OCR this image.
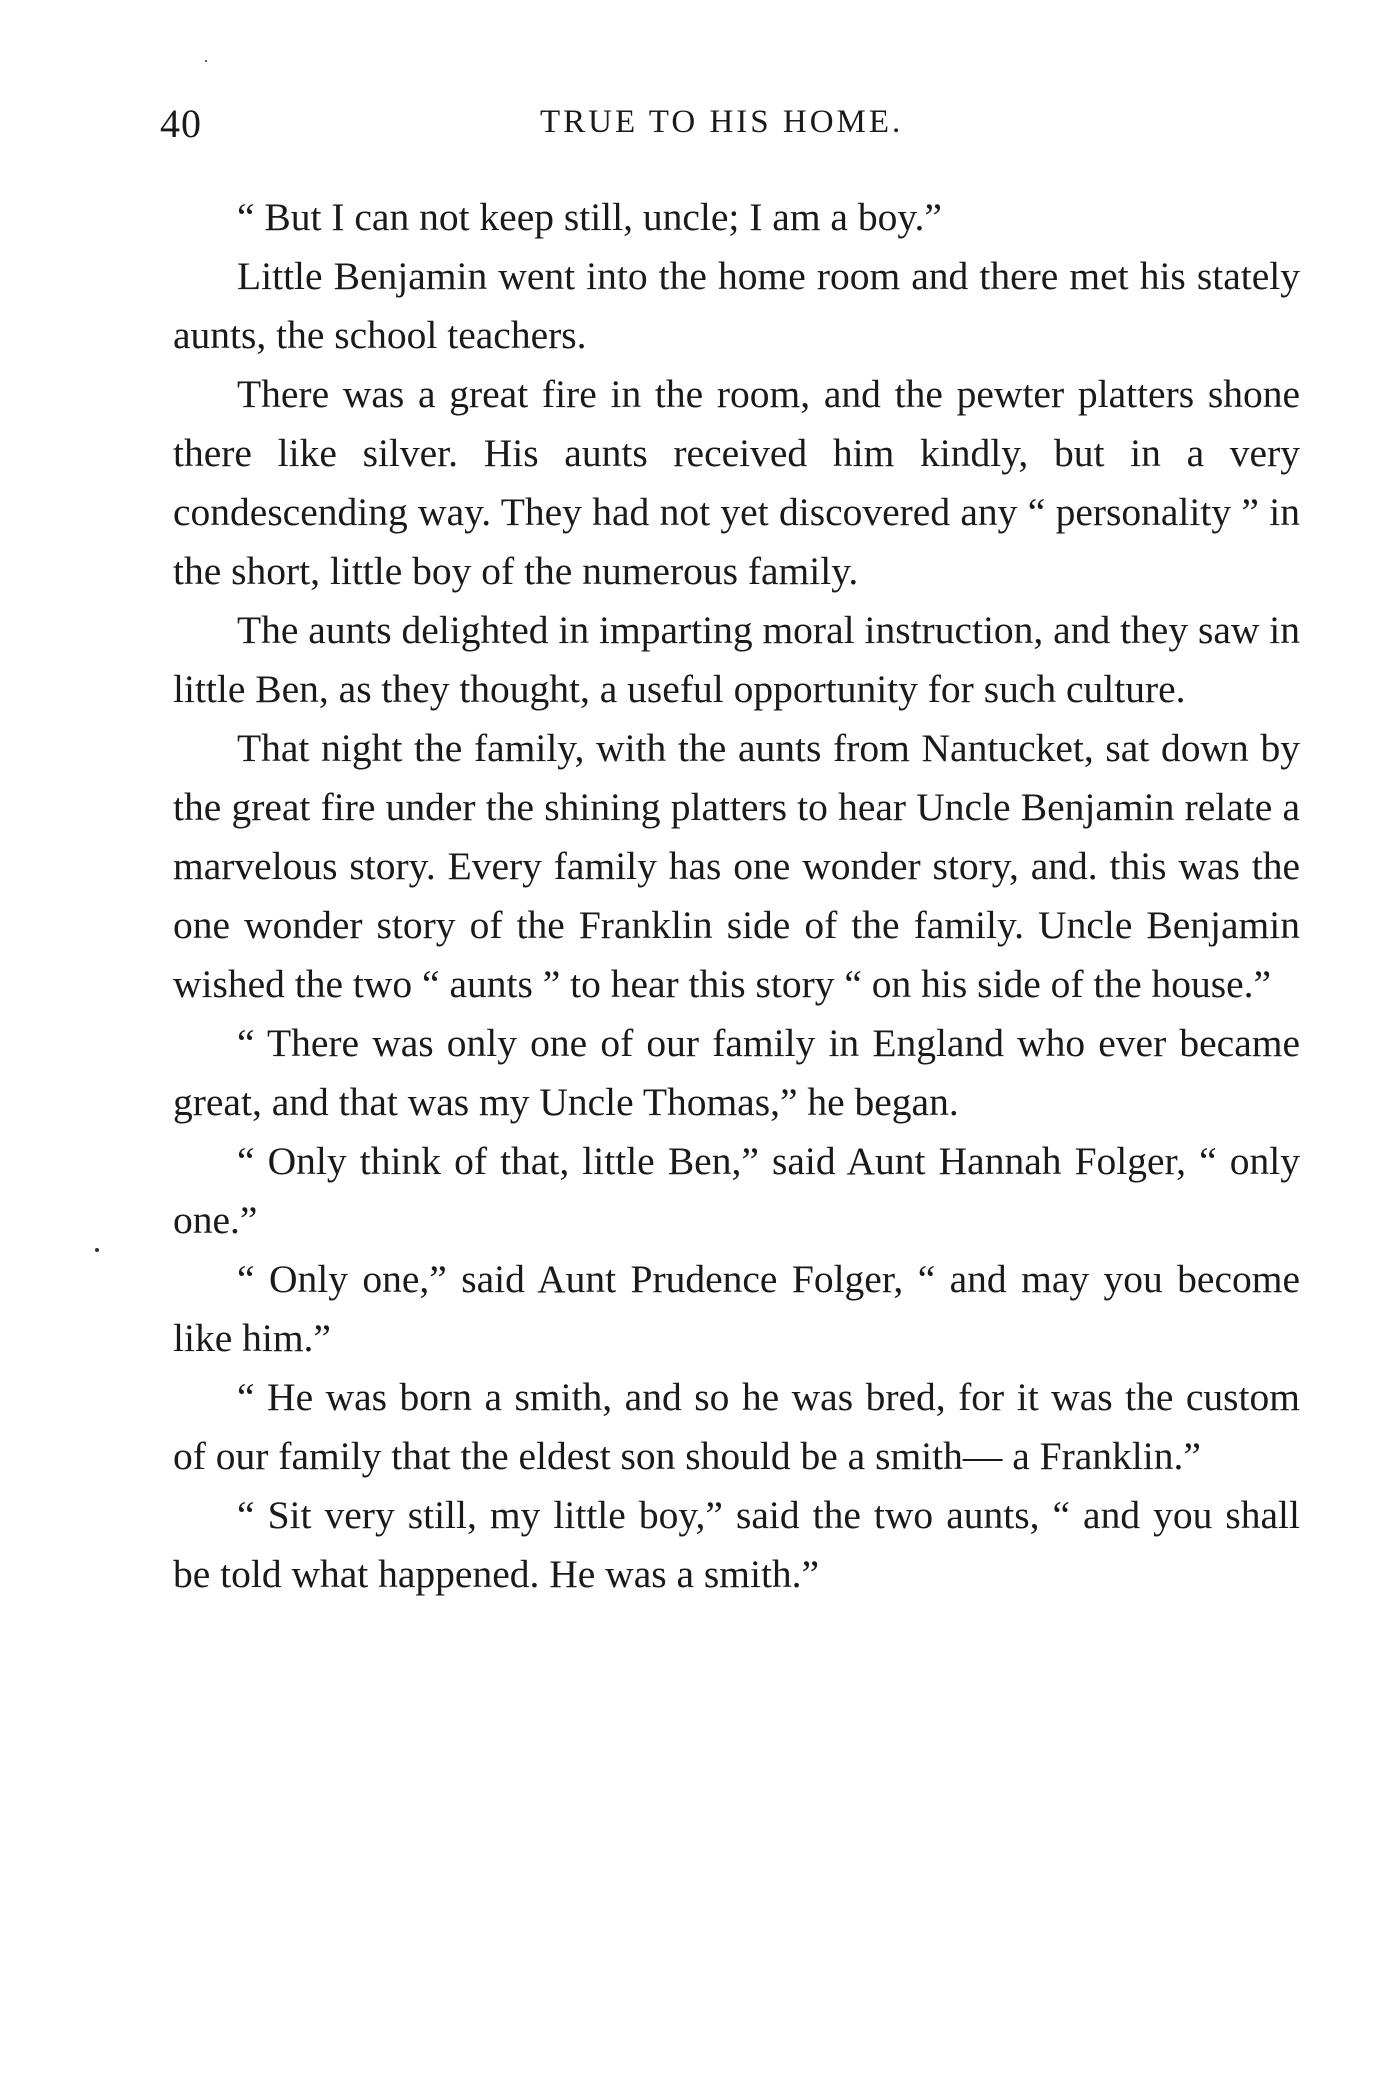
40	TRUE TO HIS HOME.

“ But I can not keep still, uncle; I am a boy.”

Little Benjamin went into the home room and there met his stately aunts, the school teachers.

There was a great fire in the room, and the pewter platters shone there like silver. His aunts received him kindly, but in a very condescending way. They had not yet discovered any “ personality ” in the short, little boy of the numerous family.

The aunts delighted in imparting moral instruction, and they saw in little Ben, as they thought, a useful opportunity for such culture.

That night the family, with the aunts from Nantucket, sat down by the great fire under the shining platters to hear Uncle Benjamin relate a marvelous story. Every family has one wonder story, and. this was the one wonder story of the Franklin side of the family. Uncle Benjamin wished the two “ aunts ” to hear this story “ on his side of the house.”

“ There was only one of our family in England who ever became great, and that was my Uncle Thomas,” he began.

“ Only think of that, little Ben,” said Aunt Hannah Folger, “ only one.”

“ Only one,” said Aunt Prudence Folger, “ and may you become like him.”

“ He was born a smith, and so he was bred, for it was the custom of our family that the eldest son should be a smith— a Franklin.”

“ Sit very still, my little boy,” said the two aunts, “ and you shall be told what happened. He was a smith.”
